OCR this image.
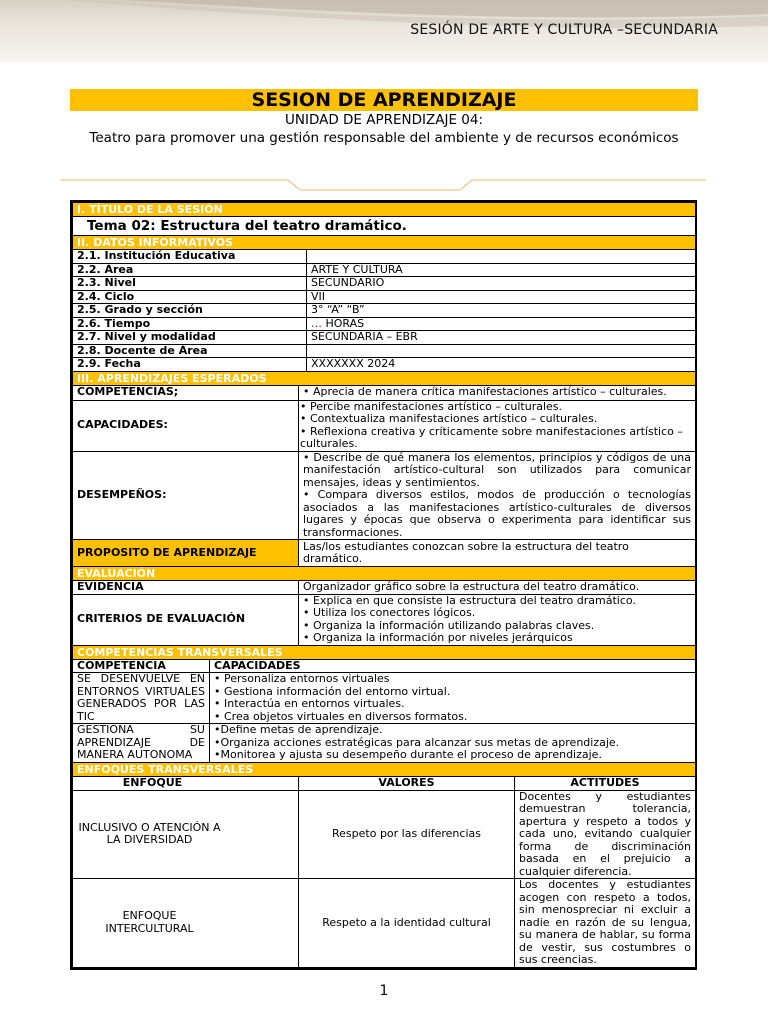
SESIÓN DE ARTE Y CULTURA –SECUNDARIA
SESION DE APRENDIZAJE
UNIDAD DE APRENDIZAJE 04:
Teatro para promover una gestión responsable del ambiente y de recursos económicos
I. TÍTULO DE LA SESIÓN				
Tema 02: Estructura del teatro dramático.				
II. DATOS INFORMATIVOS				
2.1. Institución Educativa				
2.2. Área			ARTE Y CULTURA	
2.3. Nivel			SECUNDARIO	
2.4. Ciclo			VII	
2.5. Grado y sección			3° “A” “B”	
2.6. Tiempo			… HORAS	
2.7. Nivel y modalidad			SECUNDARIA – EBR	
2.8. Docente de Área				
2.9. Fecha			XXXXXXX 2024	
III. APRENDIZAJES ESPERADOS				
COMPETENCIAS;		• Aprecia de manera crítica manifestaciones artístico – culturales.		
CAPACIDADES:		• Percibe manifestaciones artístico – culturales.
• Contextualiza manifestaciones artístico – culturales.
• Reflexiona creativa y críticamente sobre manifestaciones artístico – culturales.		

DESEMPEÑOS:		• Describe de qué manera los elementos, principios y códigos de una manifestación artístico-cultural son utilizados para comunicar mensajes, ideas y sentimientos.
• Compara diversos estilos, modos de producción o tecnologías asociados a las manifestaciones artístico-culturales de diversos lugares y épocas que observa o experimenta para identificar sus transformaciones.		

PROPOSITO DE APRENDIZAJE		Las/los estudiantes conozcan sobre la estructura del teatro dramático.		
EVALUACIÓN				
EVIDENCIA		Organizador gráfico sobre la estructura del teatro dramático.		
CRITERIOS DE EVALUACIÓN		• Explica en que consiste la estructura del teatro dramático.
• Utiliza los conectores lógicos.
• Organiza la información utilizando palabras claves.
• Organiza la información por niveles jerárquicos		

COMPETENCIAS TRANSVERSALES				
COMPETENCIA	CAPACIDADES			
SE DESENVUELVE EN ENTORNOS VIRTUALES GENERADOS POR LAS TIC	• Personaliza entornos virtuales
• Gestiona información del entorno virtual.
• Interactúa en entornos virtuales.
• Crea objetos virtuales en diversos formatos.			

GESTIONA SU APRENDIZAJE DE MANERA AUTONOMA	•Define metas de aprendizaje.
•Organiza acciones estratégicas para alcanzar sus metas de aprendizaje.
•Monitorea y ajusta su desempeño durante el proceso de aprendizaje.			

ENFOQUES TRANSVERSALES				
ENFOQUE		VALORES		ACTITUDES
INCLUSIVO O ATENCIÓN A LA DIVERSIDAD		Respeto por las diferencias		Docentes y estudiantes demuestran tolerancia, apertura y respeto a todos y cada uno, evitando cualquier forma de discriminación basada en el prejuicio a cualquier diferencia.
ENFOQUE INTERCULTURAL		Respeto a la identidad cultural		Los docentes y estudiantes acogen con respeto a todos, sin menospreciar ni excluir a nadie en razón de su lengua, su manera de hablar, su forma de vestir, sus costumbres o sus creencias.
1
